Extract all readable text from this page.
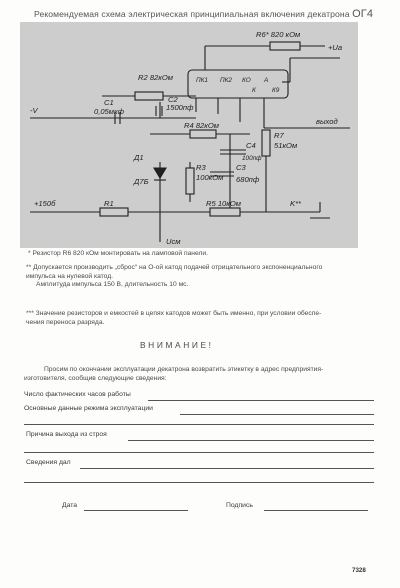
Рекомендуемая схема электрическая принципиальная включения декатрона ОГ4
R6* 820 кОм
+Ua
R2 82кОм	ПК1 ПК2 КО А
C1
0,05мкф
C2
1500пф
-V
К	К9
выход
R4 82кОм
R7
51кОм
C4
100пф
Д1
Д7Б
R3
100кОм
C3
680пф
+150б	R1	R5 10кОм	K**
Uсм
* Резистор R6 820 кОм монтировать на ламповой панели.
** Допускается производить „сброс“ на О-ой катод подачей отрицательного экспоненциального
импульса на нулевой катод.
Амплитуда импульса 150 В, длительность 10 мс.
*** Значение резисторов и емкостей в цепях катодов может быть именно, при условии обеспе-
чения переноса разряда.
ВНИМАНИЕ!
Просим по окончании эксплуатации декатрона возвратить этикетку в адрес предприятия-
изготовителя, сообщив следующие сведения:
Число фактических часов работы
Основные данные режима эксплуатации
Причина выхода из строя
Сведения дал
Дата	Подпись
7328
